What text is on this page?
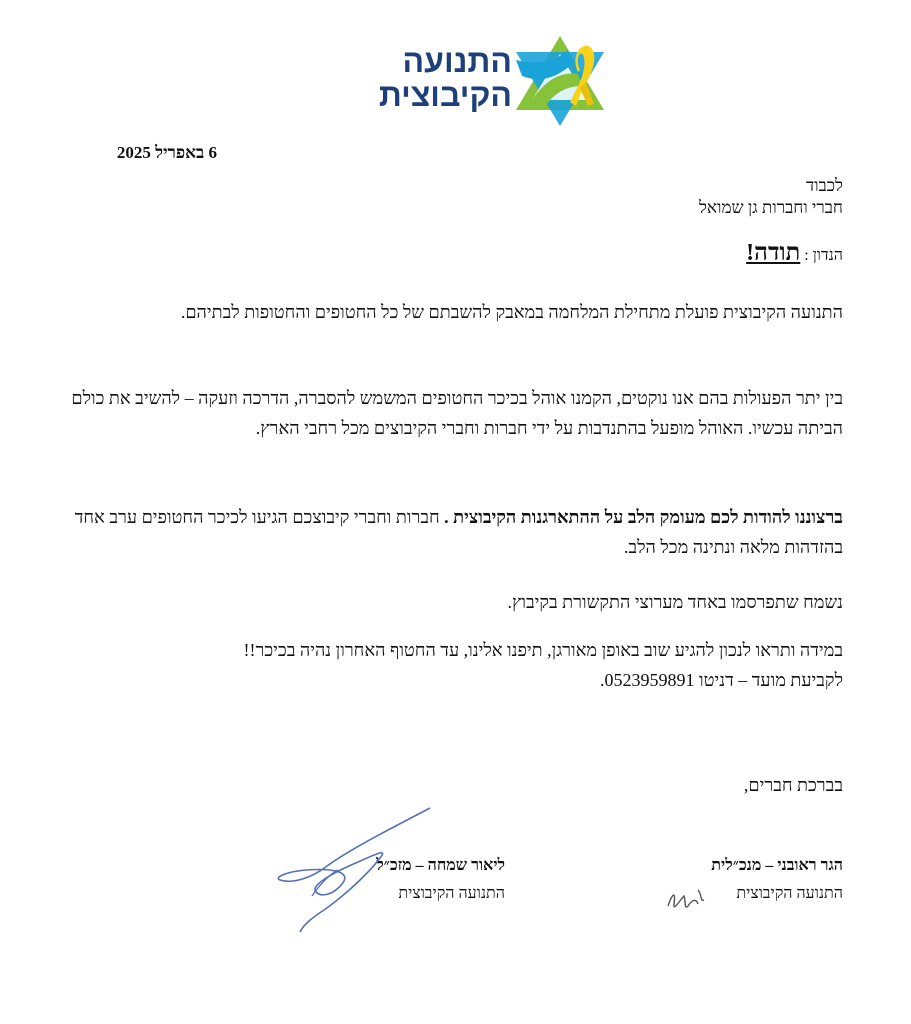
התנועה
הקיבוצית
6 באפריל 2025
לכבוד
חברי וחברות גן שמואל
הנדון : תודה!
התנועה הקיבוצית פועלת מתחילת המלחמה במאבק להשבתם של כל החטופים והחטופות לבתיהם.
בין יתר הפעולות בהם אנו נוקטים, הקמנו אוהל בכיכר החטופים המשמש להסברה, הדרכה וזעקה – להשיב את כולם הביתה עכשיו. האוהל מופעל בהתנדבות על ידי חברות וחברי הקיבוצים מכל רחבי הארץ.
ברצוננו להודות לכם מעומק הלב על ההתארגנות הקיבוצית . חברות וחברי קיבוצכם הגיעו לכיכר החטופים ערב אחד בהזדהות מלאה ונתינה מכל הלב.
נשמח שתפרסמו באחד מערוצי התקשורת בקיבוץ.
במידה ותראו לנכון להגיע שוב באופן מאורגן, תיפנו אלינו, עד החטוף האחרון נהיה בכיכר!!
לקביעת מועד – דניטו 0523959891.
בברכת חברים,
הגר ראובני – מנכ״לית
התנועה הקיבוצית
ליאור שמחה – מזכ״ל
התנועה הקיבוצית
